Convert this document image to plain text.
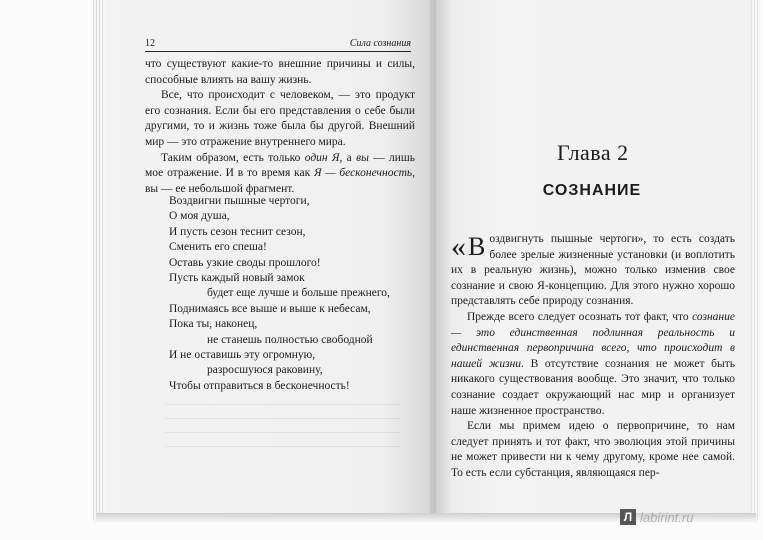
12	Сила сознания

что существуют какие-то внешние причины и силы, способные влиять на вашу жизнь.

Все, что происходит с человеком, — это продукт его сознания. Если бы его представления о себе были другими, то и жизнь тоже была бы другой. Внешний мир — это отражение внутреннего мира.

Таким образом, есть только один Я, а вы — лишь мое отражение. И в то время как Я — бесконечность, вы — ее небольшой фрагмент.

Воздвигни пышные чертоги,
О моя душа,
И пусть сезон теснит сезон,
Сменить его спеша!
Оставь узкие своды прошлого!
Пусть каждый новый замок
будет еще лучше и больше прежнего,
Поднимаясь все выше и выше к небесам,
Пока ты, наконец,
не станешь полностью свободной
И не оставишь эту огромную,
разросшуюся раковину,
Чтобы отправиться в бесконечность!
Глава 2
СОЗНАНИЕ

« В оздвигнуть пышные чертоги», то есть создать более зрелые жизненные установки (и воплотить их в реальную жизнь), можно только изменив свое сознание и свою Я-концепцию. Для этого нужно хорошо представлять себе природу сознания.

Прежде всего следует осознать тот факт, что сознание — это единственная подлинная реальность и единственная первопричина всего, что происходит в нашей жизни. В отсутствие сознания не может быть никакого существования вообще. Это значит, что только сознание создает окружающий нас мир и организует наше жизненное пространство.

Если мы примем идею о первопричине, то нам следует принять и тот факт, что эволюция этой причины не может привести ни к чему другому, кроме нее самой. То есть если субстанция, являющаяся пер-

Л labirint.ru
